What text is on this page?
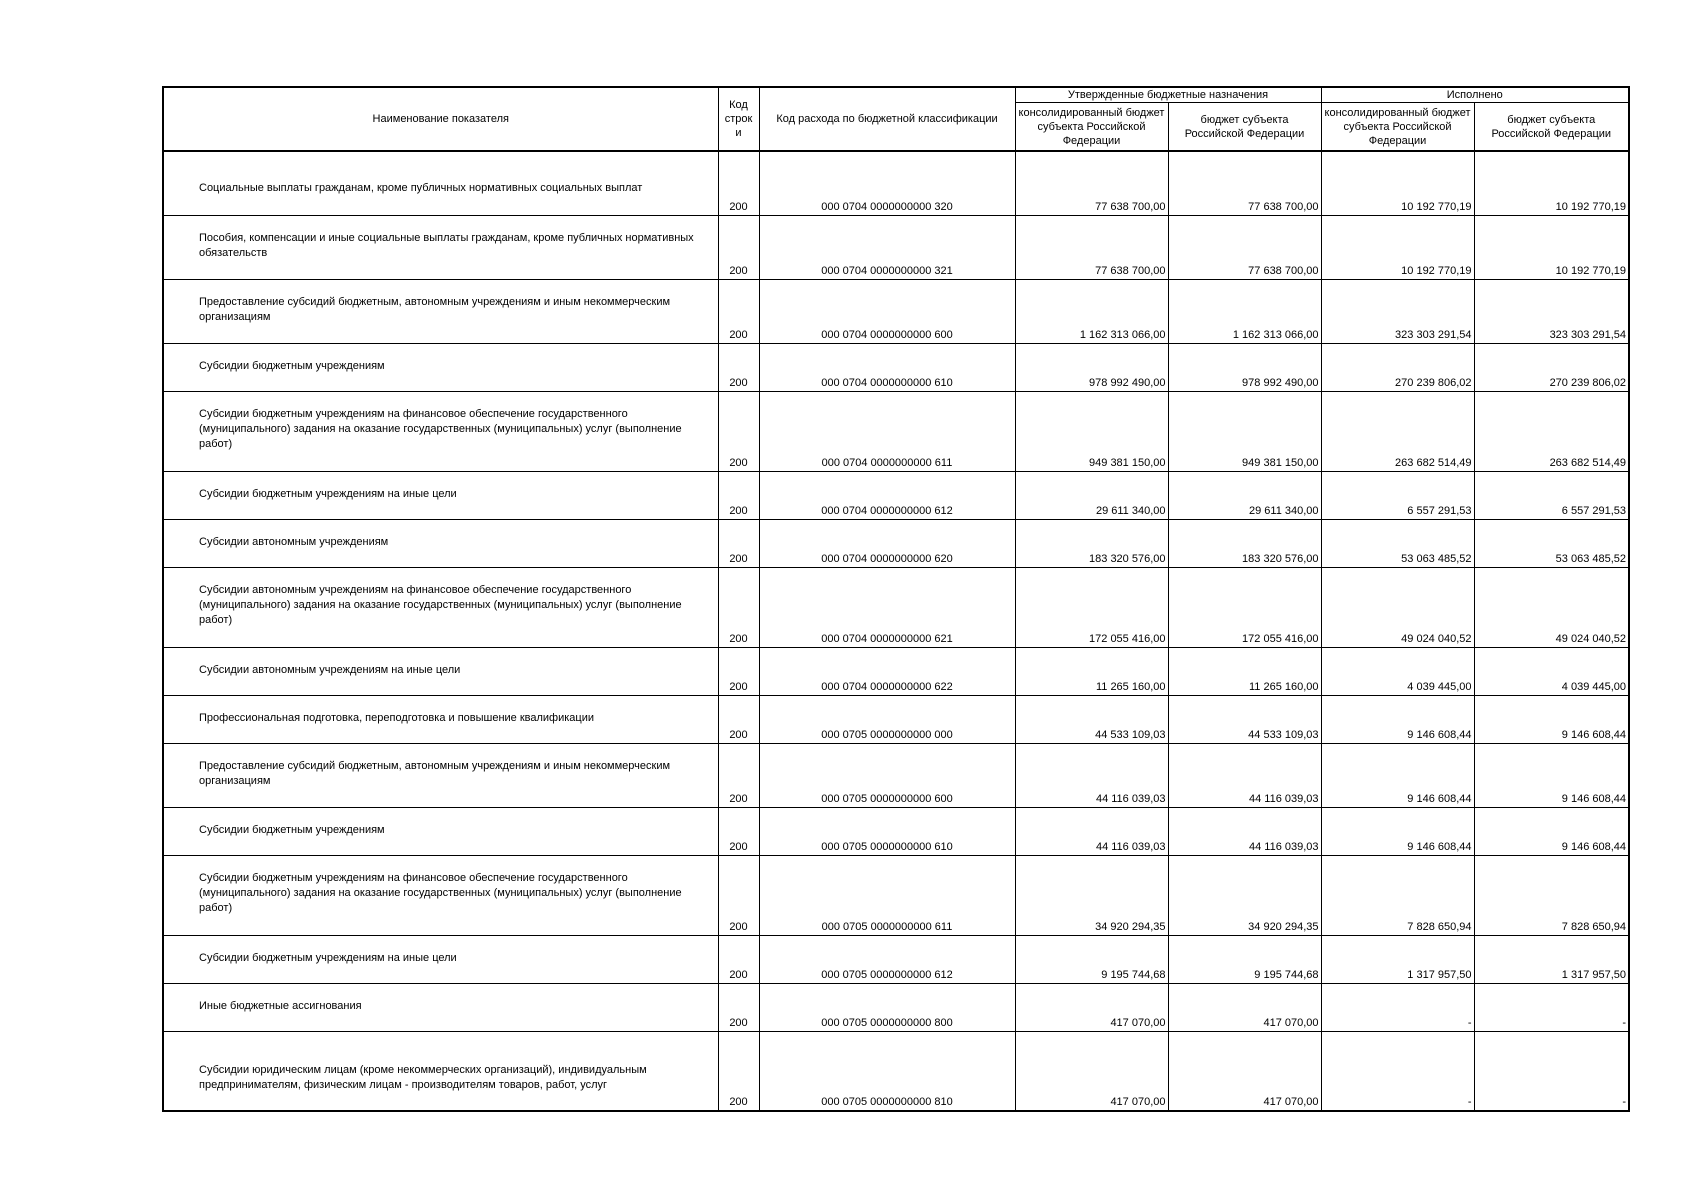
Наименование показателя	Код строк и	Код расхода по бюджетной классификации	Утвержденные бюджетные назначения		Исполнено	
			консолидированный бюджет субъекта Российской Федерации	бюджет субъекта Российской Федерации	консолидированный бюджет субъекта Российской Федерации	бюджет субъекта Российской Федерации

Социальные выплаты гражданам, кроме публичных нормативных социальных выплат	200	000 0704 0000000000 320	77 638 700,00	77 638 700,00	10 192 770,19	10 192 770,19

Пособия, компенсации и иные социальные выплаты гражданам, кроме публичных нормативных обязательств	200	000 0704 0000000000 321	77 638 700,00	77 638 700,00	10 192 770,19	10 192 770,19

Предоставление субсидий бюджетным, автономным учреждениям и иным некоммерческим организациям	200	000 0704 0000000000 600	1 162 313 066,00	1 162 313 066,00	323 303 291,54	323 303 291,54

Субсидии бюджетным учреждениям	200	000 0704 0000000000 610	978 992 490,00	978 992 490,00	270 239 806,02	270 239 806,02

Субсидии бюджетным учреждениям на финансовое обеспечение государственного (муниципального) задания на оказание государственных (муниципальных) услуг (выполнение работ)	200	000 0704 0000000000 611	949 381 150,00	949 381 150,00	263 682 514,49	263 682 514,49

Субсидии бюджетным учреждениям на иные цели	200	000 0704 0000000000 612	29 611 340,00	29 611 340,00	6 557 291,53	6 557 291,53

Субсидии автономным учреждениям	200	000 0704 0000000000 620	183 320 576,00	183 320 576,00	53 063 485,52	53 063 485,52

Субсидии автономным учреждениям на финансовое обеспечение государственного (муниципального) задания на оказание государственных (муниципальных) услуг (выполнение работ)	200	000 0704 0000000000 621	172 055 416,00	172 055 416,00	49 024 040,52	49 024 040,52

Субсидии автономным учреждениям на иные цели	200	000 0704 0000000000 622	11 265 160,00	11 265 160,00	4 039 445,00	4 039 445,00

Профессиональная подготовка, переподготовка и повышение квалификации	200	000 0705 0000000000 000	44 533 109,03	44 533 109,03	9 146 608,44	9 146 608,44

Предоставление субсидий бюджетным, автономным учреждениям и иным некоммерческим организациям	200	000 0705 0000000000 600	44 116 039,03	44 116 039,03	9 146 608,44	9 146 608,44

Субсидии бюджетным учреждениям	200	000 0705 0000000000 610	44 116 039,03	44 116 039,03	9 146 608,44	9 146 608,44

Субсидии бюджетным учреждениям на финансовое обеспечение государственного (муниципального) задания на оказание государственных (муниципальных) услуг (выполнение работ)	200	000 0705 0000000000 611	34 920 294,35	34 920 294,35	7 828 650,94	7 828 650,94

Субсидии бюджетным учреждениям на иные цели	200	000 0705 0000000000 612	9 195 744,68	9 195 744,68	1 317 957,50	1 317 957,50

Иные бюджетные ассигнования	200	000 0705 0000000000 800	417 070,00	417 070,00	-	-

Субсидии юридическим лицам (кроме некоммерческих организаций), индивидуальным предпринимателям, физическим лицам - производителям товаров, работ, услуг	200	000 0705 0000000000 810	417 070,00	417 070,00	-	-
